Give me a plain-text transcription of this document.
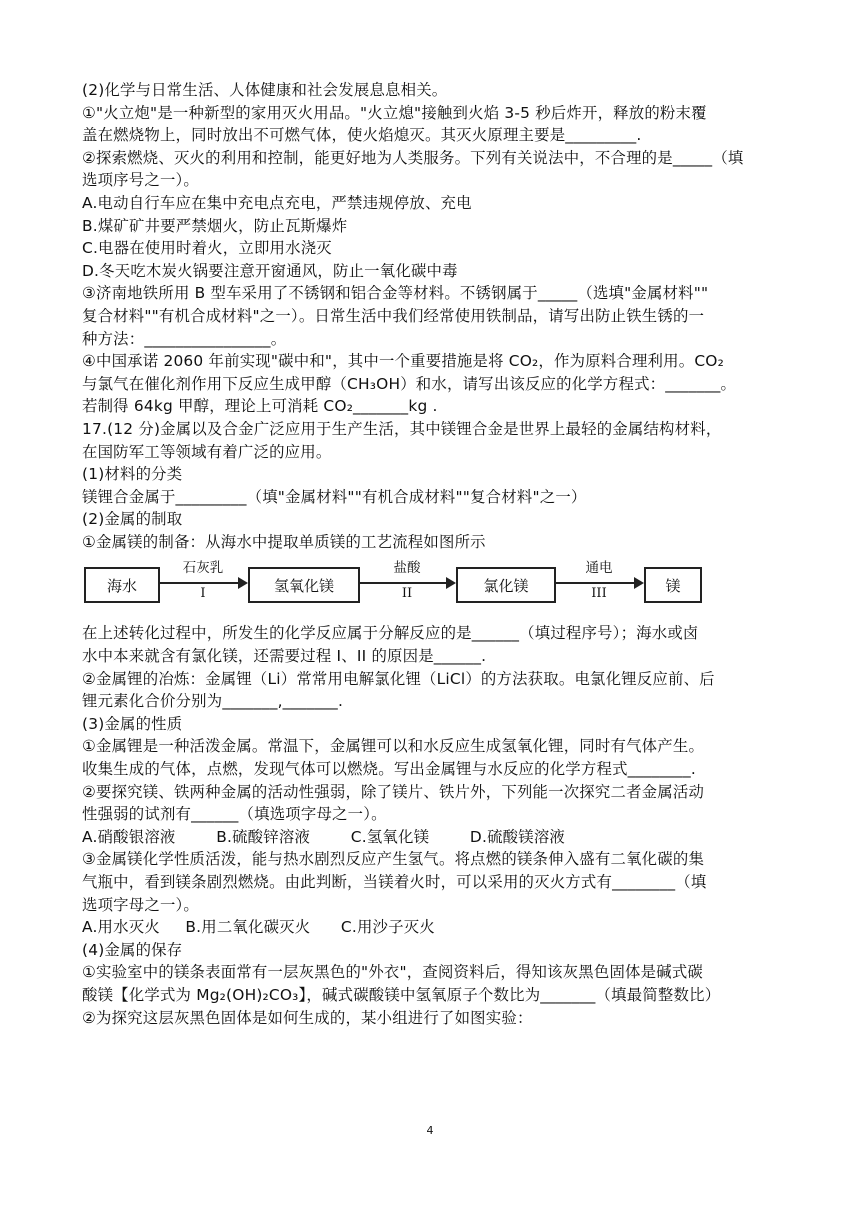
(2)化学与日常生活、人体健康和社会发展息息相关。
①"火立炮"是一种新型的家用灭火用品。"火立熄"接触到火焰 3-5 秒后炸开，释放的粉末覆
盖在燃烧物上，同时放出不可燃气体，使火焰熄灭。其灭火原理主要是_________.
②探索燃烧、灭火的利用和控制，能更好地为人类服务。下列有关说法中，不合理的是_____（填
选项序号之一）。
A.电动自行车应在集中充电点充电，严禁违规停放、充电
B.煤矿矿井要严禁烟火，防止瓦斯爆炸
C.电器在使用时着火，立即用水浇灭
D.冬天吃木炭火锅要注意开窗通风，防止一氧化碳中毒
③济南地铁所用 B 型车采用了不锈钢和铝合金等材料。不锈钢属于_____（选填"金属材料""
复合材料""有机合成材料"之一）。日常生活中我们经常使用铁制品，请写出防止铁生锈的一
种方法：________________。
④中国承诺 2060 年前实现"碳中和"，其中一个重要措施是将 CO₂，作为原料合理利用。CO₂
与氯气在催化剂作用下反应生成甲醇（CH₃OH）和水，请写出该反应的化学方程式：_______。
若制得 64kg 甲醇，理论上可消耗 CO₂_______kg .
17.(12 分)金属以及合金广泛应用于生产生活，其中镁锂合金是世界上最轻的金属结构材料，
在国防军工等领域有着广泛的应用。
(1)材料的分类
镁锂合金属于_________（填"金属材料""有机合成材料""复合材料"之一）
(2)金属的制取
①金属镁的制备：从海水中提取单质镁的工艺流程如图所示
海水
石灰乳
I	氢氧化镁
盐酸
II	氯化镁
通电
III	镁
在上述转化过程中，所发生的化学反应属于分解反应的是______（填过程序号）；海水或卤
水中本来就含有氯化镁，还需要过程 I、II 的原因是______.
②金属锂的冶炼：金属锂（Li）常常用电解氯化锂（LiCl）的方法获取。电氯化锂反应前、后
锂元素化合价分别为_______,_______.
(3)金属的性质
①金属锂是一种活泼金属。常温下，金属锂可以和水反应生成氢氧化锂，同时有气体产生。
收集生成的气体，点燃，发现气体可以燃烧。写出金属锂与水反应的化学方程式________.
②要探究镁、铁两种金属的活动性强弱，除了镁片、铁片外，下列能一次探究二者金属活动
性强弱的试剂有______（填选项字母之一）。
A.硝酸银溶液        B.硫酸锌溶液        C.氢氧化镁        D.硫酸镁溶液
③金属镁化学性质活泼，能与热水剧烈反应产生氢气。将点燃的镁条伸入盛有二氧化碳的集
气瓶中，看到镁条剧烈燃烧。由此判断，当镁着火时，可以采用的灭火方式有________（填
选项字母之一）。
A.用水灭火     B.用二氧化碳灭火      C.用沙子灭火
(4)金属的保存
①实验室中的镁条表面常有一层灰黑色的"外衣"，查阅资料后，得知该灰黑色固体是碱式碳
酸镁【化学式为 Mg₂(OH)₂CO₃】，碱式碳酸镁中氢氧原子个数比为_______（填最简整数比）
②为探究这层灰黑色固体是如何生成的，某小组进行了如图实验：
4
